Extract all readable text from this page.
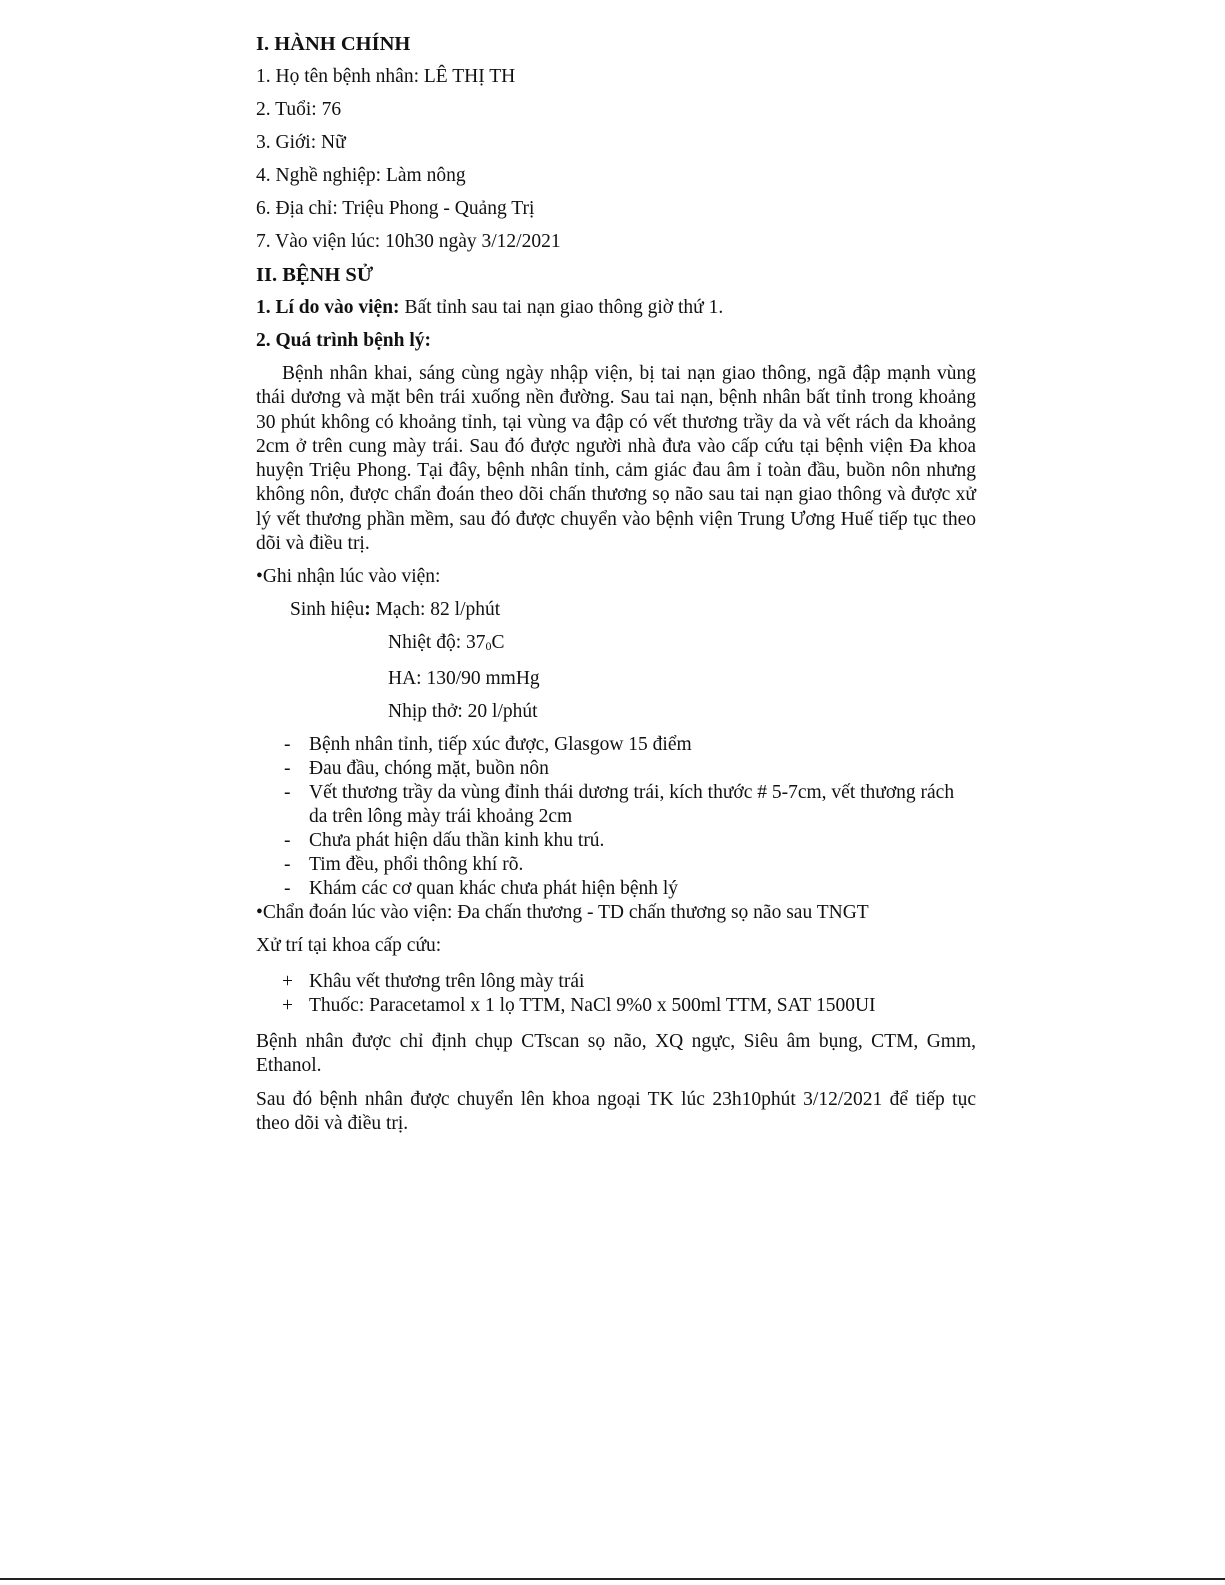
I. HÀNH CHÍNH
1. Họ tên bệnh nhân: LÊ THỊ TH
2. Tuổi: 76
3. Giới: Nữ
4. Nghề nghiệp: Làm nông
6. Địa chỉ: Triệu Phong - Quảng Trị
7. Vào viện lúc: 10h30 ngày 3/12/2021
II. BỆNH SỬ
1. Lí do vào viện: Bất tỉnh sau tai nạn giao thông giờ thứ 1.
2. Quá trình bệnh lý:

Bệnh nhân khai, sáng cùng ngày nhập viện, bị tai nạn giao thông, ngã đập mạnh vùng thái dương và mặt bên trái xuống nền đường. Sau tai nạn, bệnh nhân bất tỉnh trong khoảng 30 phút không có khoảng tỉnh, tại vùng va đập có vết thương trầy da và vết rách da khoảng 2cm ở trên cung mày trái. Sau đó được người nhà đưa vào cấp cứu tại bệnh viện Đa khoa huyện Triệu Phong. Tại đây, bệnh nhân tỉnh, cảm giác đau âm ỉ toàn đầu, buồn nôn nhưng không nôn, được chẩn đoán theo dõi chấn thương sọ não sau tai nạn giao thông và được xử lý vết thương phần mềm, sau đó được chuyển vào bệnh viện Trung Ương Huế tiếp tục theo dõi và điều trị.

•Ghi nhận lúc vào viện:
Sinh hiệu: Mạch: 82 l/phút
Nhiệt độ: 370C
HA: 130/90 mmHg
Nhịp thở: 20 l/phút
- Bệnh nhân tỉnh, tiếp xúc được, Glasgow 15 điểm
- Đau đầu, chóng mặt, buồn nôn
- Vết thương trầy da vùng đỉnh thái dương trái, kích thước # 5-7cm, vết thương rách da trên lông mày trái khoảng 2cm
- Chưa phát hiện dấu thần kinh khu trú.
- Tim đều, phổi thông khí rõ.
- Khám các cơ quan khác chưa phát hiện bệnh lý
•Chẩn đoán lúc vào viện: Đa chấn thương - TD chấn thương sọ não sau TNGT
Xử trí tại khoa cấp cứu:
+ Khâu vết thương trên lông mày trái
+ Thuốc: Paracetamol x 1 lọ TTM, NaCl 9%0 x 500ml TTM, SAT 1500UI

Bệnh nhân được chỉ định chụp CTscan sọ não, XQ ngực, Siêu âm bụng, CTM, Gmm, Ethanol.

Sau đó bệnh nhân được chuyển lên khoa ngoại TK lúc 23h10phút 3/12/2021 để tiếp tục theo dõi và điều trị.
